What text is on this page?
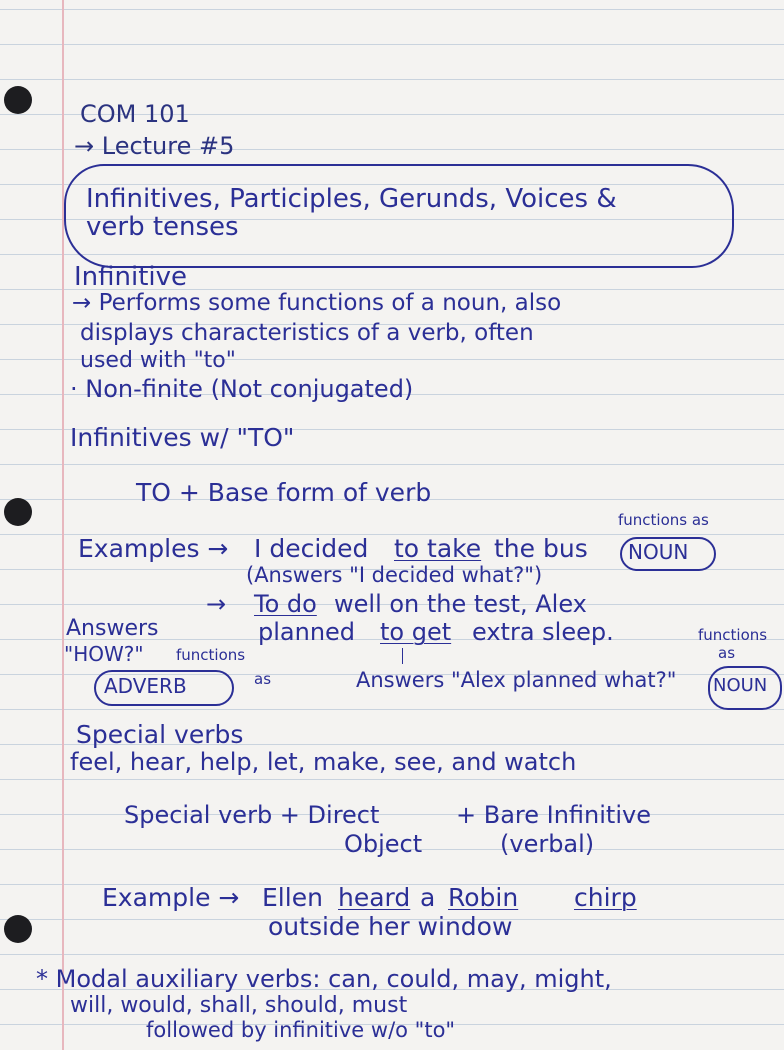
COM 101
→ Lecture #5
Infinitives, Participles, Gerunds, Voices &
verb tenses
Infinitive
→ Performs some functions of a noun, also
displays characteristics of a verb, often
used with "to"
· Non-finite (Not conjugated)
Infinitives w/ "TO"
TO + Base form of verb
Examples → I decided to take the bus
functions as
NOUN
(Answers "I decided what?")
→ To do well on the test, Alex
planned to get extra sleep.
Answers
"HOW?" functions
as
ADVERB	Answers "Alex planned what?"
functions
as
NOUN
Special verbs
feel, hear, help, let, make, see, and watch
Special verb + Direct
Object
+ Bare Infinitive
(verbal)
Example → Ellen heard a Robin chirp
outside her window
* Modal auxiliary verbs: can, could, may, might,
will, would, shall, should, must
followed by infinitive w/o "to"
